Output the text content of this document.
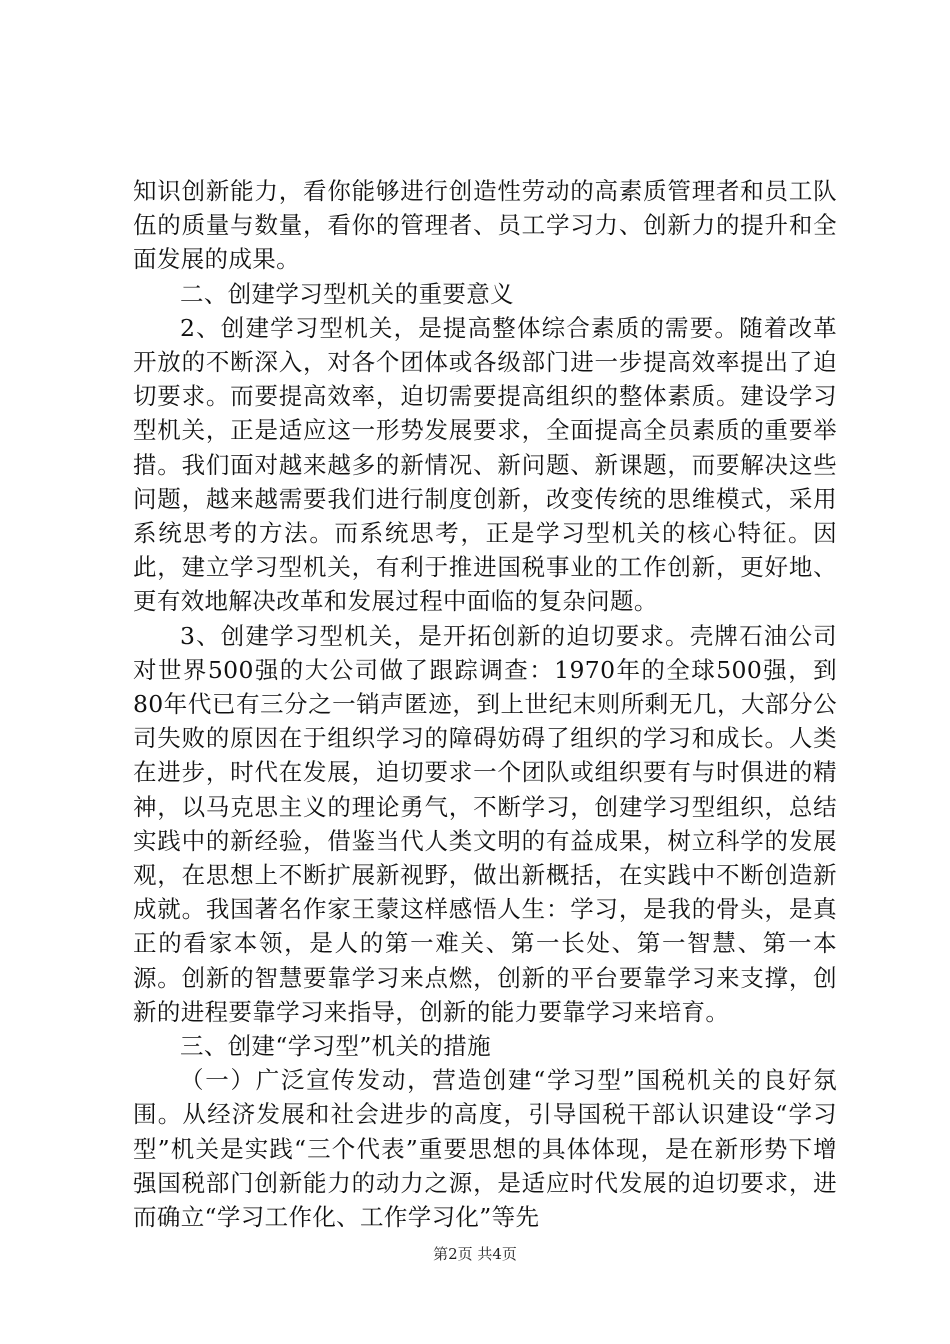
知识创新能力，看你能够进行创造性劳动的高素质管理者和员工队伍的质量与数量，看你的管理者、员工学习力、创新力的提升和全面发展的成果。

二、创建学习型机关的重要意义

2、创建学习型机关，是提高整体综合素质的需要。随着改革开放的不断深入，对各个团体或各级部门进一步提高效率提出了迫切要求。而要提高效率，迫切需要提高组织的整体素质。建设学习型机关，正是适应这一形势发展要求，全面提高全员素质的重要举措。我们面对越来越多的新情况、新问题、新课题，而要解决这些问题，越来越需要我们进行制度创新，改变传统的思维模式，采用系统思考的方法。而系统思考，正是学习型机关的核心特征。因此，建立学习型机关，有利于推进国税事业的工作创新，更好地、更有效地解决改革和发展过程中面临的复杂问题。

3、创建学习型机关，是开拓创新的迫切要求。壳牌石油公司对世界500强的大公司做了跟踪调查：1970年的全球500强，到80年代已有三分之一销声匿迹，到上世纪末则所剩无几，大部分公司失败的原因在于组织学习的障碍妨碍了组织的学习和成长。人类在进步，时代在发展，迫切要求一个团队或组织要有与时俱进的精神，以马克思主义的理论勇气，不断学习，创建学习型组织，总结实践中的新经验，借鉴当代人类文明的有益成果，树立科学的发展观，在思想上不断扩展新视野，做出新概括，在实践中不断创造新成就。我国著名作家王蒙这样感悟人生：学习，是我的骨头，是真正的看家本领，是人的第一难关、第一长处、第一智慧、第一本源。创新的智慧要靠学习来点燃，创新的平台要靠学习来支撑，创新的进程要靠学习来指导，创新的能力要靠学习来培育。

三、创建“学习型”机关的措施

（一）广泛宣传发动，营造创建“学习型”国税机关的良好氛围。从经济发展和社会进步的高度，引导国税干部认识建设“学习型”机关是实践“三个代表”重要思想的具体体现，是在新形势下增强国税部门创新能力的动力之源，是适应时代发展的迫切要求，进而确立“学习工作化、工作学习化”等先

第2页 共4页
